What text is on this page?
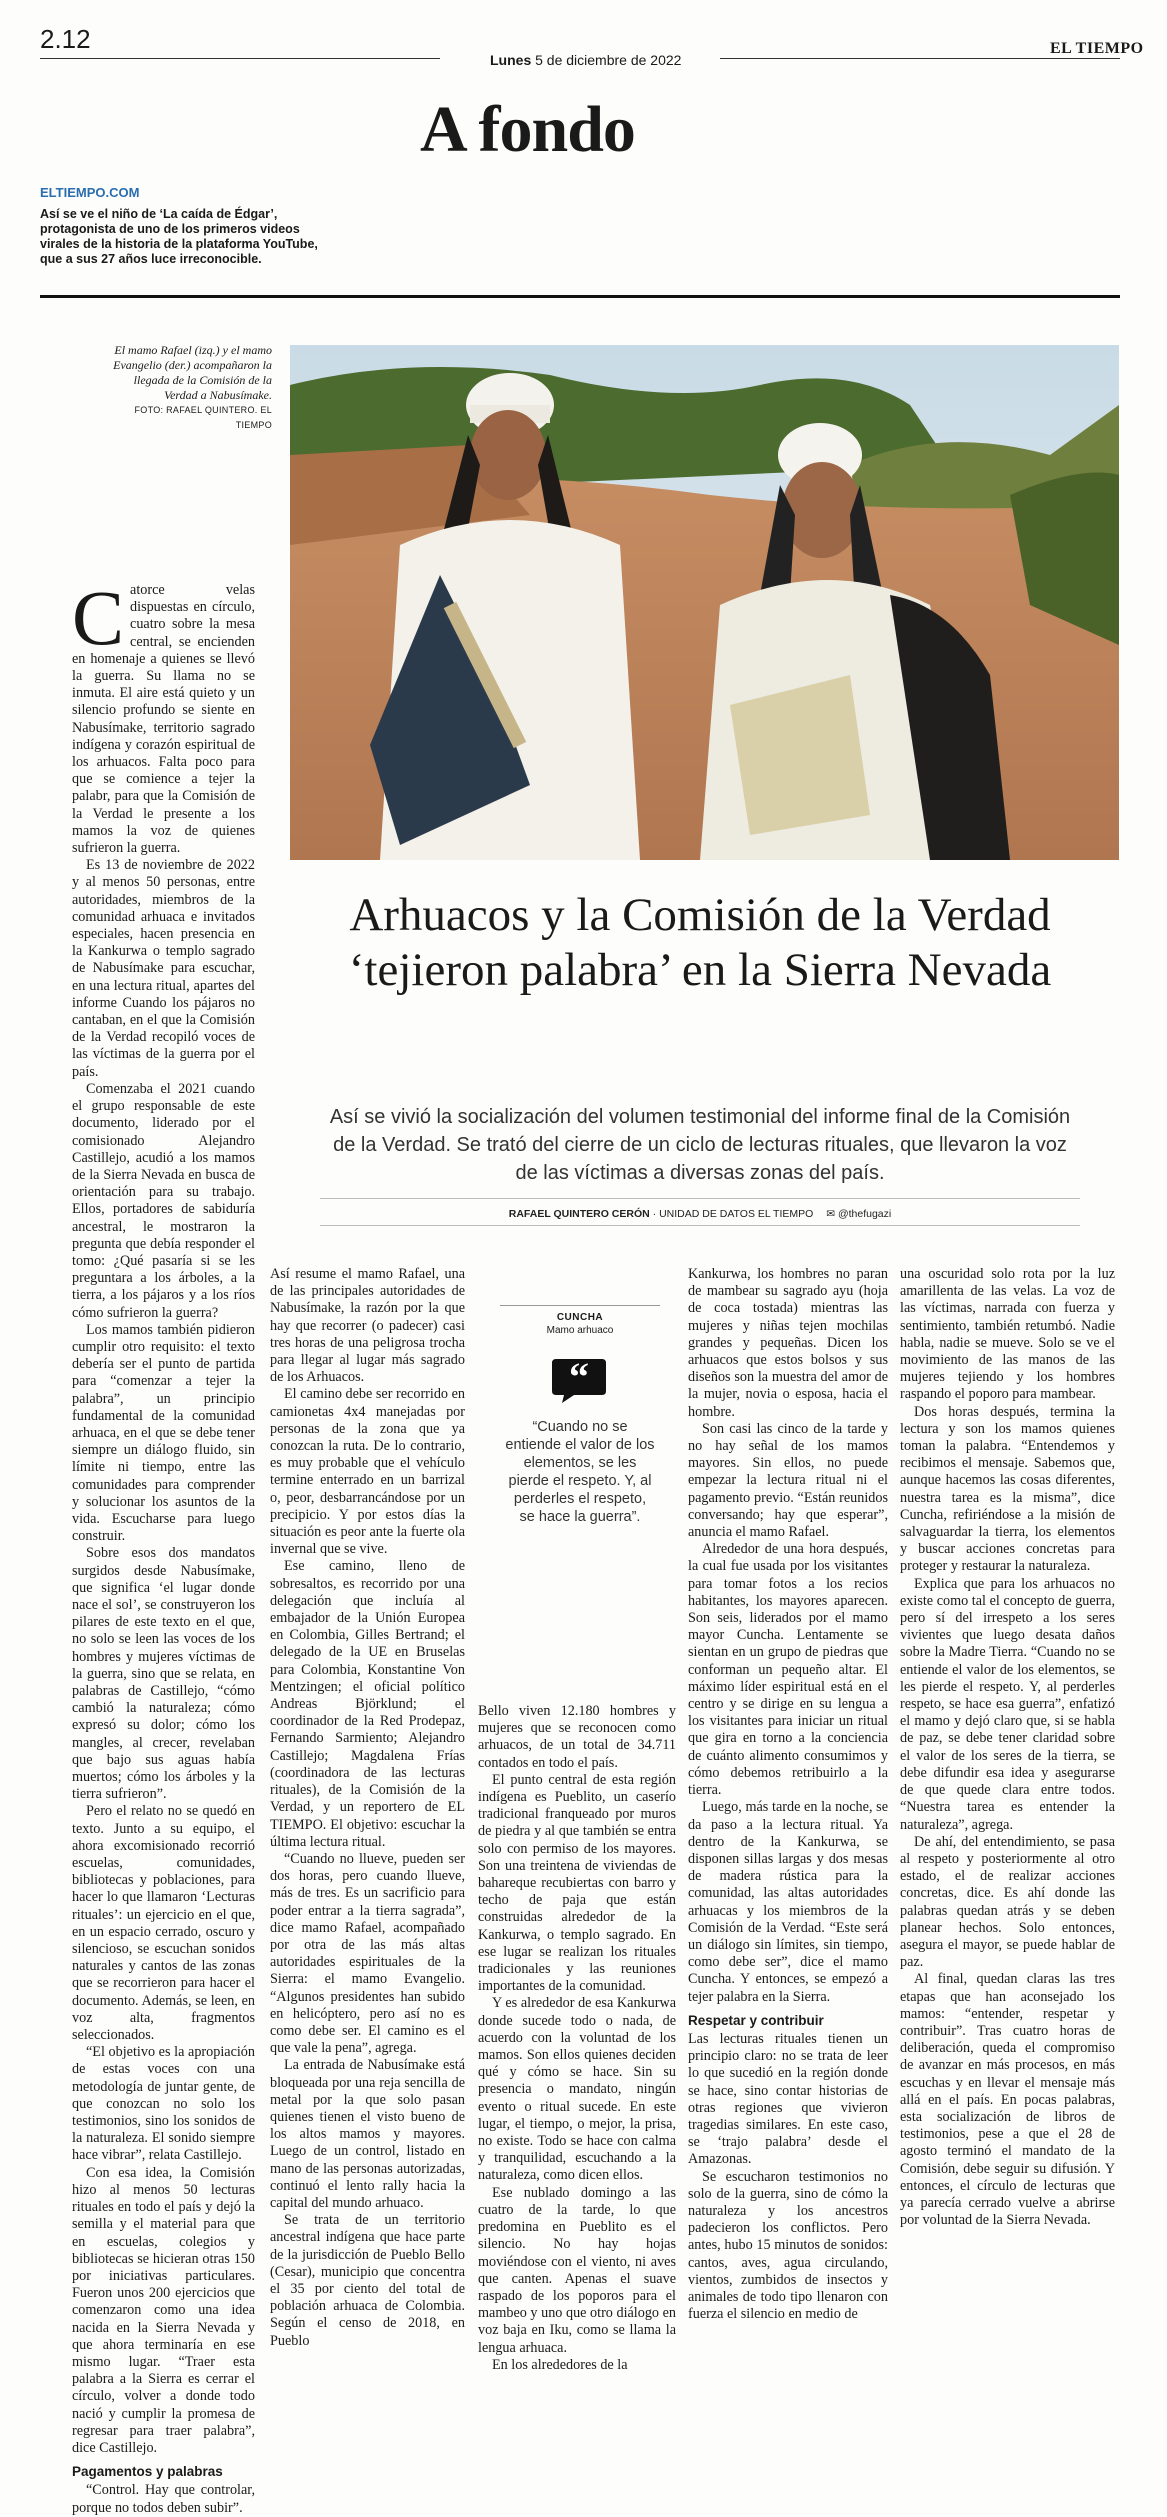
2.12
Lunes 5 de diciembre de 2022
EL TIEMPO
A fondo
ELTIEMPO.COM
Así se ve el niño de ‘La caída de Édgar’, protagonista de uno de los primeros videos virales de la historia de la plataforma YouTube, que a sus 27 años luce irreconocible.
El mamo Rafael (izq.) y el mamo Evangelio (der.) acompañaron la llegada de la Comisión de la Verdad a Nabusímake.
FOTO: RAFAEL QUINTERO. EL TIEMPO
Arhuacos y la Comisión de la Verdad ‘tejieron palabra’ en la Sierra Nevada
Así se vivió la socialización del volumen testimonial del informe final de la Comisión de la Verdad. Se trató del cierre de un ciclo de lecturas rituales, que llevaron la voz de las víctimas a diversas zonas del país.
RAFAEL QUINTERO CERÓN · UNIDAD DE DATOS EL TIEMPO ✉ @thefugazi
C atorce velas dispuestas en círculo, cuatro sobre la mesa central, se encienden en homenaje a quienes se llevó la guerra. Su llama no se inmuta. El aire está quieto y un silencio profundo se siente en Nabusímake, territorio sagrado indígena y corazón espiritual de los arhuacos. Falta poco para que se comience a tejer la palabr, para que la Comisión de la Verdad le presente a los mamos la voz de quienes sufrieron la guerra.

Es 13 de noviembre de 2022 y al menos 50 personas, entre autoridades, miembros de la comunidad arhuaca e invitados especiales, hacen presencia en la Kankurwa o templo sagrado de Nabusímake para escuchar, en una lectura ritual, apartes del informe Cuando los pájaros no cantaban, en el que la Comisión de la Verdad recopiló voces de las víctimas de la guerra por el país.

Comenzaba el 2021 cuando el grupo responsable de este documento, liderado por el comisionado Alejandro Castillejo, acudió a los mamos de la Sierra Nevada en busca de orientación para su trabajo. Ellos, portadores de sabiduría ancestral, le mostraron la pregunta que debía responder el tomo: ¿Qué pasaría si se les preguntara a los árboles, a la tierra, a los pájaros y a los ríos cómo sufrieron la guerra?

Los mamos también pidieron cumplir otro requisito: el texto debería ser el punto de partida para “comenzar a tejer la palabra”, un principio fundamental de la comunidad arhuaca, en el que se debe tener siempre un diálogo fluido, sin límite ni tiempo, entre las comunidades para comprender y solucionar los asuntos de la vida. Escucharse para luego construir.

Sobre esos dos mandatos surgidos desde Nabusímake, que significa ‘el lugar donde nace el sol’, se construyeron los pilares de este texto en el que, no solo se leen las voces de los hombres y mujeres víctimas de la guerra, sino que se relata, en palabras de Castillejo, “cómo cambió la naturaleza; cómo expresó su dolor; cómo los mangles, al crecer, revelaban que bajo sus aguas había muertos; cómo los árboles y la tierra sufrieron”.

Pero el relato no se quedó en texto. Junto a su equipo, el ahora excomisionado recorrió escuelas, comunidades, bibliotecas y poblaciones, para hacer lo que llamaron ‘Lecturas rituales’: un ejercicio en el que, en un espacio cerrado, oscuro y silencioso, se escuchan sonidos naturales y cantos de las zonas que se recorrieron para hacer el documento. Además, se leen, en voz alta, fragmentos seleccionados.

“El objetivo es la apropiación de estas voces con una metodología de juntar gente, de que conozcan no solo los testimonios, sino los sonidos de la naturaleza. El sonido siempre hace vibrar”, relata Castillejo.

Con esa idea, la Comisión hizo al menos 50 lecturas rituales en todo el país y dejó la semilla y el material para que en escuelas, colegios y bibliotecas se hicieran otras 150 por iniciativas particulares. Fueron unos 200 ejercicios que comenzaron como una idea nacida en la Sierra Nevada y que ahora terminaría en ese mismo lugar. “Traer esta palabra a la Sierra es cerrar el círculo, volver a donde todo nació y cumplir la promesa de regresar para traer palabra”, dice Castillejo.

Pagamentos y palabras

“Control. Hay que controlar, porque no todos deben subir”.

Así resume el mamo Rafael, una de las principales autoridades de Nabusímake, la razón por la que hay que recorrer (o padecer) casi tres horas de una peligrosa trocha para llegar al lugar más sagrado de los Arhuacos.

El camino debe ser recorrido en camionetas 4x4 manejadas por personas de la zona que ya conozcan la ruta. De lo contrario, es muy probable que el vehículo termine enterrado en un barrizal o, peor, desbarrancándose por un precipicio. Y por estos días la situación es peor ante la fuerte ola invernal que se vive.

Ese camino, lleno de sobresaltos, es recorrido por una delegación que incluía al embajador de la Unión Europea en Colombia, Gilles Bertrand; el delegado de la UE en Bruselas para Colombia, Konstantine Von Mentzingen; el oficial político Andreas Björklund; el coordinador de la Red Prodepaz, Fernando Sarmiento; Alejandro Castillejo; Magdalena Frías (coordinadora de las lecturas rituales), de la Comisión de la Verdad, y un reportero de EL TIEMPO. El objetivo: escuchar la última lectura ritual.

“Cuando no llueve, pueden ser dos horas, pero cuando llueve, más de tres. Es un sacrificio para poder entrar a la tierra sagrada”, dice mamo Rafael, acompañado por otra de las más altas autoridades espirituales de la Sierra: el mamo Evangelio. “Algunos presidentes han subido en helicóptero, pero así no es como debe ser. El camino es el que vale la pena”, agrega.

La entrada de Nabusímake está bloqueada por una reja sencilla de metal por la que solo pasan quienes tienen el visto bueno de los altos mamos y mayores. Luego de un control, listado en mano de las personas autorizadas, continuó el lento rally hacia la capital del mundo arhuaco.

Se trata de un territorio ancestral indígena que hace parte de la jurisdicción de Pueblo Bello (Cesar), municipio que concentra el 35 por ciento del total de población arhuaca de Colombia. Según el censo de 2018, en Pueblo

CUNCHA
Mamo arhuaco
“
“Cuando no se entiende el valor de los elementos, se les pierde el respeto. Y, al perderles el respeto, se hace la guerra”.

Bello viven 12.180 hombres y mujeres que se reconocen como arhuacos, de un total de 34.711 contados en todo el país.

El punto central de esta región indígena es Pueblito, un caserío tradicional franqueado por muros de piedra y al que también se entra solo con permiso de los mayores. Son una treintena de viviendas de bahareque recubiertas con barro y techo de paja que están construidas alrededor de la Kankurwa, o templo sagrado. En ese lugar se realizan los rituales tradicionales y las reuniones importantes de la comunidad.

Y es alrededor de esa Kankurwa donde sucede todo o nada, de acuerdo con la voluntad de los mamos. Son ellos quienes deciden qué y cómo se hace. Sin su presencia o mandato, ningún evento o ritual sucede. En este lugar, el tiempo, o mejor, la prisa, no existe. Todo se hace con calma y tranquilidad, escuchando a la naturaleza, como dicen ellos.

Ese nublado domingo a las cuatro de la tarde, lo que predomina en Pueblito es el silencio. No hay hojas moviéndose con el viento, ni aves que canten. Apenas el suave raspado de los poporos para el mambeo y uno que otro diálogo en voz baja en Iku, como se llama la lengua arhuaca.

En los alrededores de la

Kankurwa, los hombres no paran de mambear su sagrado ayu (hoja de coca tostada) mientras las mujeres y niñas tejen mochilas grandes y pequeñas. Dicen los arhuacos que estos bolsos y sus diseños son la muestra del amor de la mujer, novia o esposa, hacia el hombre.

Son casi las cinco de la tarde y no hay señal de los mamos mayores. Sin ellos, no puede empezar la lectura ritual ni el pagamento previo. “Están reunidos conversando; hay que esperar”, anuncia el mamo Rafael.

Alrededor de una hora después, la cual fue usada por los visitantes para tomar fotos a los recios habitantes, los mayores aparecen. Son seis, liderados por el mamo mayor Cuncha. Lentamente se sientan en un grupo de piedras que conforman un pequeño altar. El máximo líder espiritual está en el centro y se dirige en su lengua a los visitantes para iniciar un ritual que gira en torno a la conciencia de cuánto alimento consumimos y cómo debemos retribuirlo a la tierra.

Luego, más tarde en la noche, se da paso a la lectura ritual. Ya dentro de la Kankurwa, se disponen sillas largas y dos mesas de madera rústica para la comunidad, las altas autoridades arhuacas y los miembros de la Comisión de la Verdad. “Este será un diálogo sin límites, sin tiempo, como debe ser”, dice el mamo Cuncha. Y entonces, se empezó a tejer palabra en la Sierra.

Respetar y contribuir

Las lecturas rituales tienen un principio claro: no se trata de leer lo que sucedió en la región donde se hace, sino contar historias de otras regiones que vivieron tragedias similares. En este caso, se ‘trajo palabra’ desde el Amazonas.

Se escucharon testimonios no solo de la guerra, sino de cómo la naturaleza y los ancestros padecieron los conflictos. Pero antes, hubo 15 minutos de sonidos: cantos, aves, agua circulando, vientos, zumbidos de insectos y animales de todo tipo llenaron con fuerza el silencio en medio de

una oscuridad solo rota por la luz amarillenta de las velas. La voz de las víctimas, narrada con fuerza y sentimiento, también retumbó. Nadie habla, nadie se mueve. Solo se ve el movimiento de las manos de las mujeres tejiendo y los hombres raspando el poporo para mambear.

Dos horas después, termina la lectura y son los mamos quienes toman la palabra. “Entendemos y recibimos el mensaje. Sabemos que, aunque hacemos las cosas diferentes, nuestra tarea es la misma”, dice Cuncha, refiriéndose a la misión de salvaguardar la tierra, los elementos y buscar acciones concretas para proteger y restaurar la naturaleza.

Explica que para los arhuacos no existe como tal el concepto de guerra, pero sí del irrespeto a los seres vivientes que luego desata daños sobre la Madre Tierra. “Cuando no se entiende el valor de los elementos, se les pierde el respeto. Y, al perderles respeto, se hace esa guerra”, enfatizó el mamo y dejó claro que, si se habla de paz, se debe tener claridad sobre el valor de los seres de la tierra, se debe difundir esa idea y asegurarse de que quede clara entre todos. “Nuestra tarea es entender la naturaleza”, agrega.

De ahí, del entendimiento, se pasa al respeto y posteriormente al otro estado, el de realizar acciones concretas, dice. Es ahí donde las palabras quedan atrás y se deben planear hechos. Solo entonces, asegura el mayor, se puede hablar de paz.

Al final, quedan claras las tres etapas que han aconsejado los mamos: “entender, respetar y contribuir”. Tras cuatro horas de deliberación, queda el compromiso de avanzar en más procesos, en más escuchas y en llevar el mensaje más allá en el país. En pocas palabras, esta socialización de libros de testimonios, pese a que el 28 de agosto terminó el mandato de la Comisión, debe seguir su difusión. Y entonces, el círculo de lecturas que ya parecía cerrado vuelve a abrirse por voluntad de la Sierra Nevada.
